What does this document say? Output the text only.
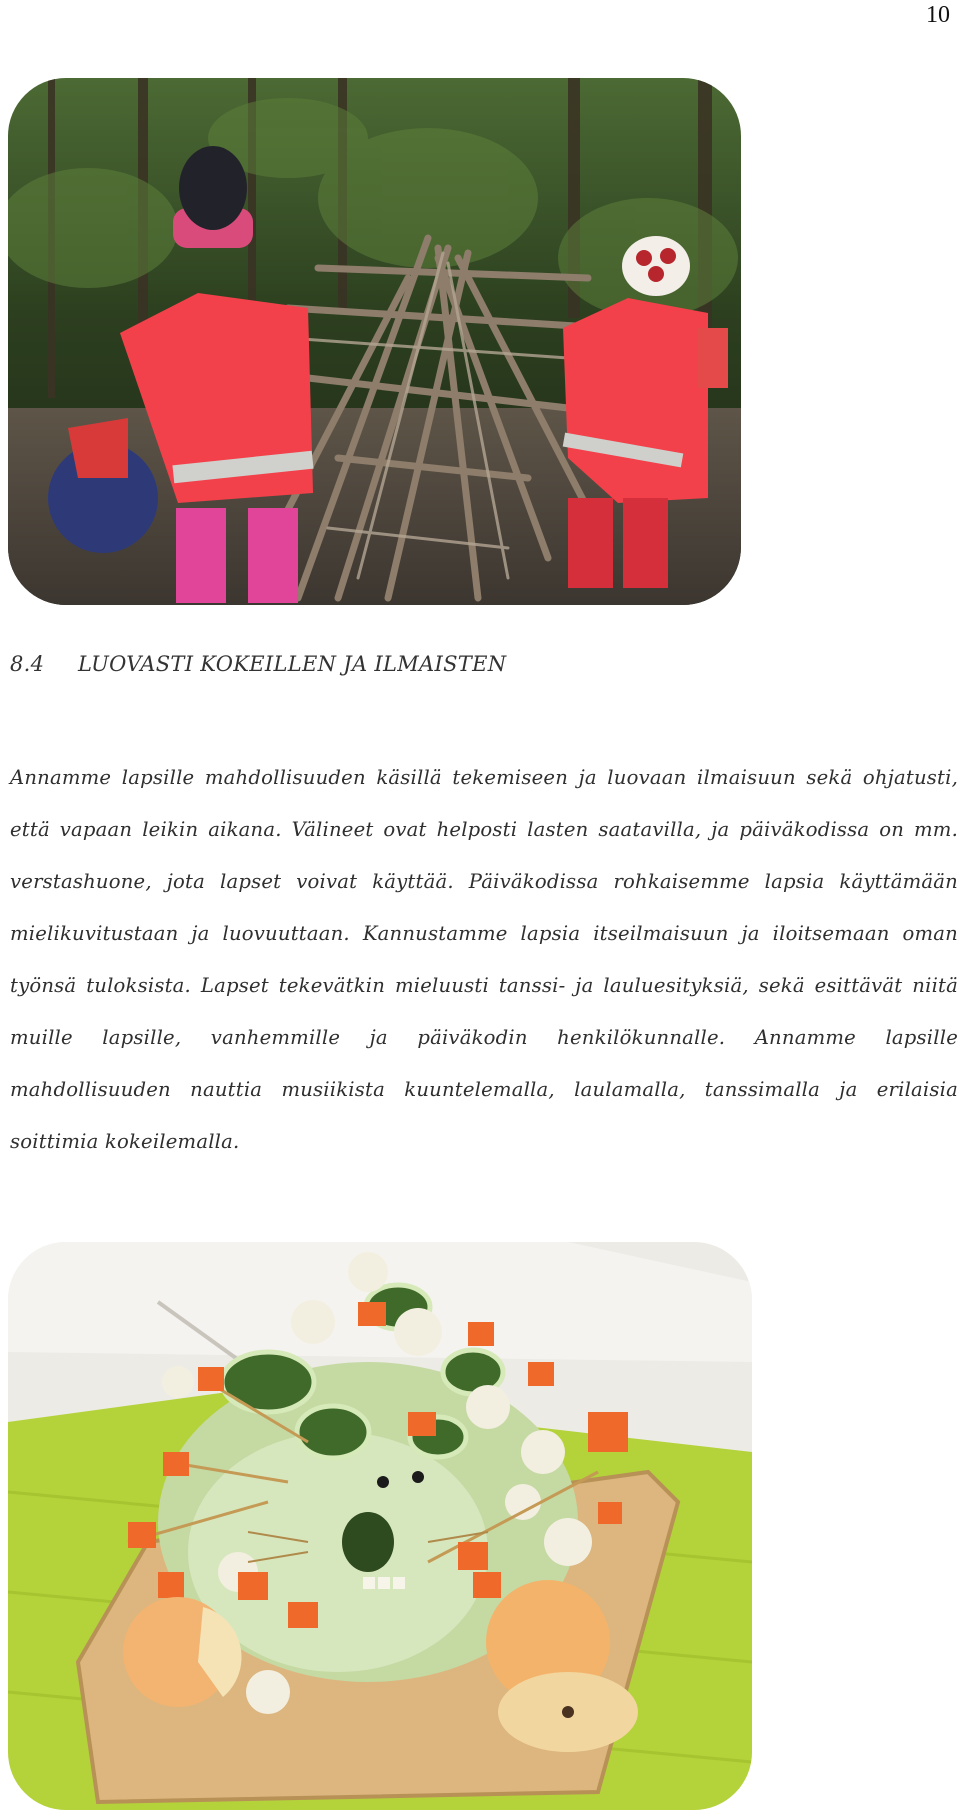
10
8.4 LUOVASTI KOKEILLEN JA ILMAISTEN

Annamme lapsille mahdollisuuden käsillä tekemiseen ja luovaan ilmaisuun sekä ohjatusti, että vapaan leikin aikana. Välineet ovat helposti lasten saatavilla, ja päiväkodissa on mm. verstashuone, jota lapset voivat käyttää. Päiväkodissa rohkaisemme lapsia käyttämään mielikuvitustaan ja luovuuttaan. Kannustamme lapsia itseilmaisuun ja iloitsemaan oman työnsä tuloksista. Lapset tekevätkin mieluusti tanssi- ja lauluesityksiä, sekä esittävät niitä muille lapsille, vanhemmille ja päiväkodin henkilökunnalle. Annamme lapsille mahdollisuuden nauttia musiikista kuuntelemalla, laulamalla, tanssimalla ja erilaisia soittimia kokeilemalla.
